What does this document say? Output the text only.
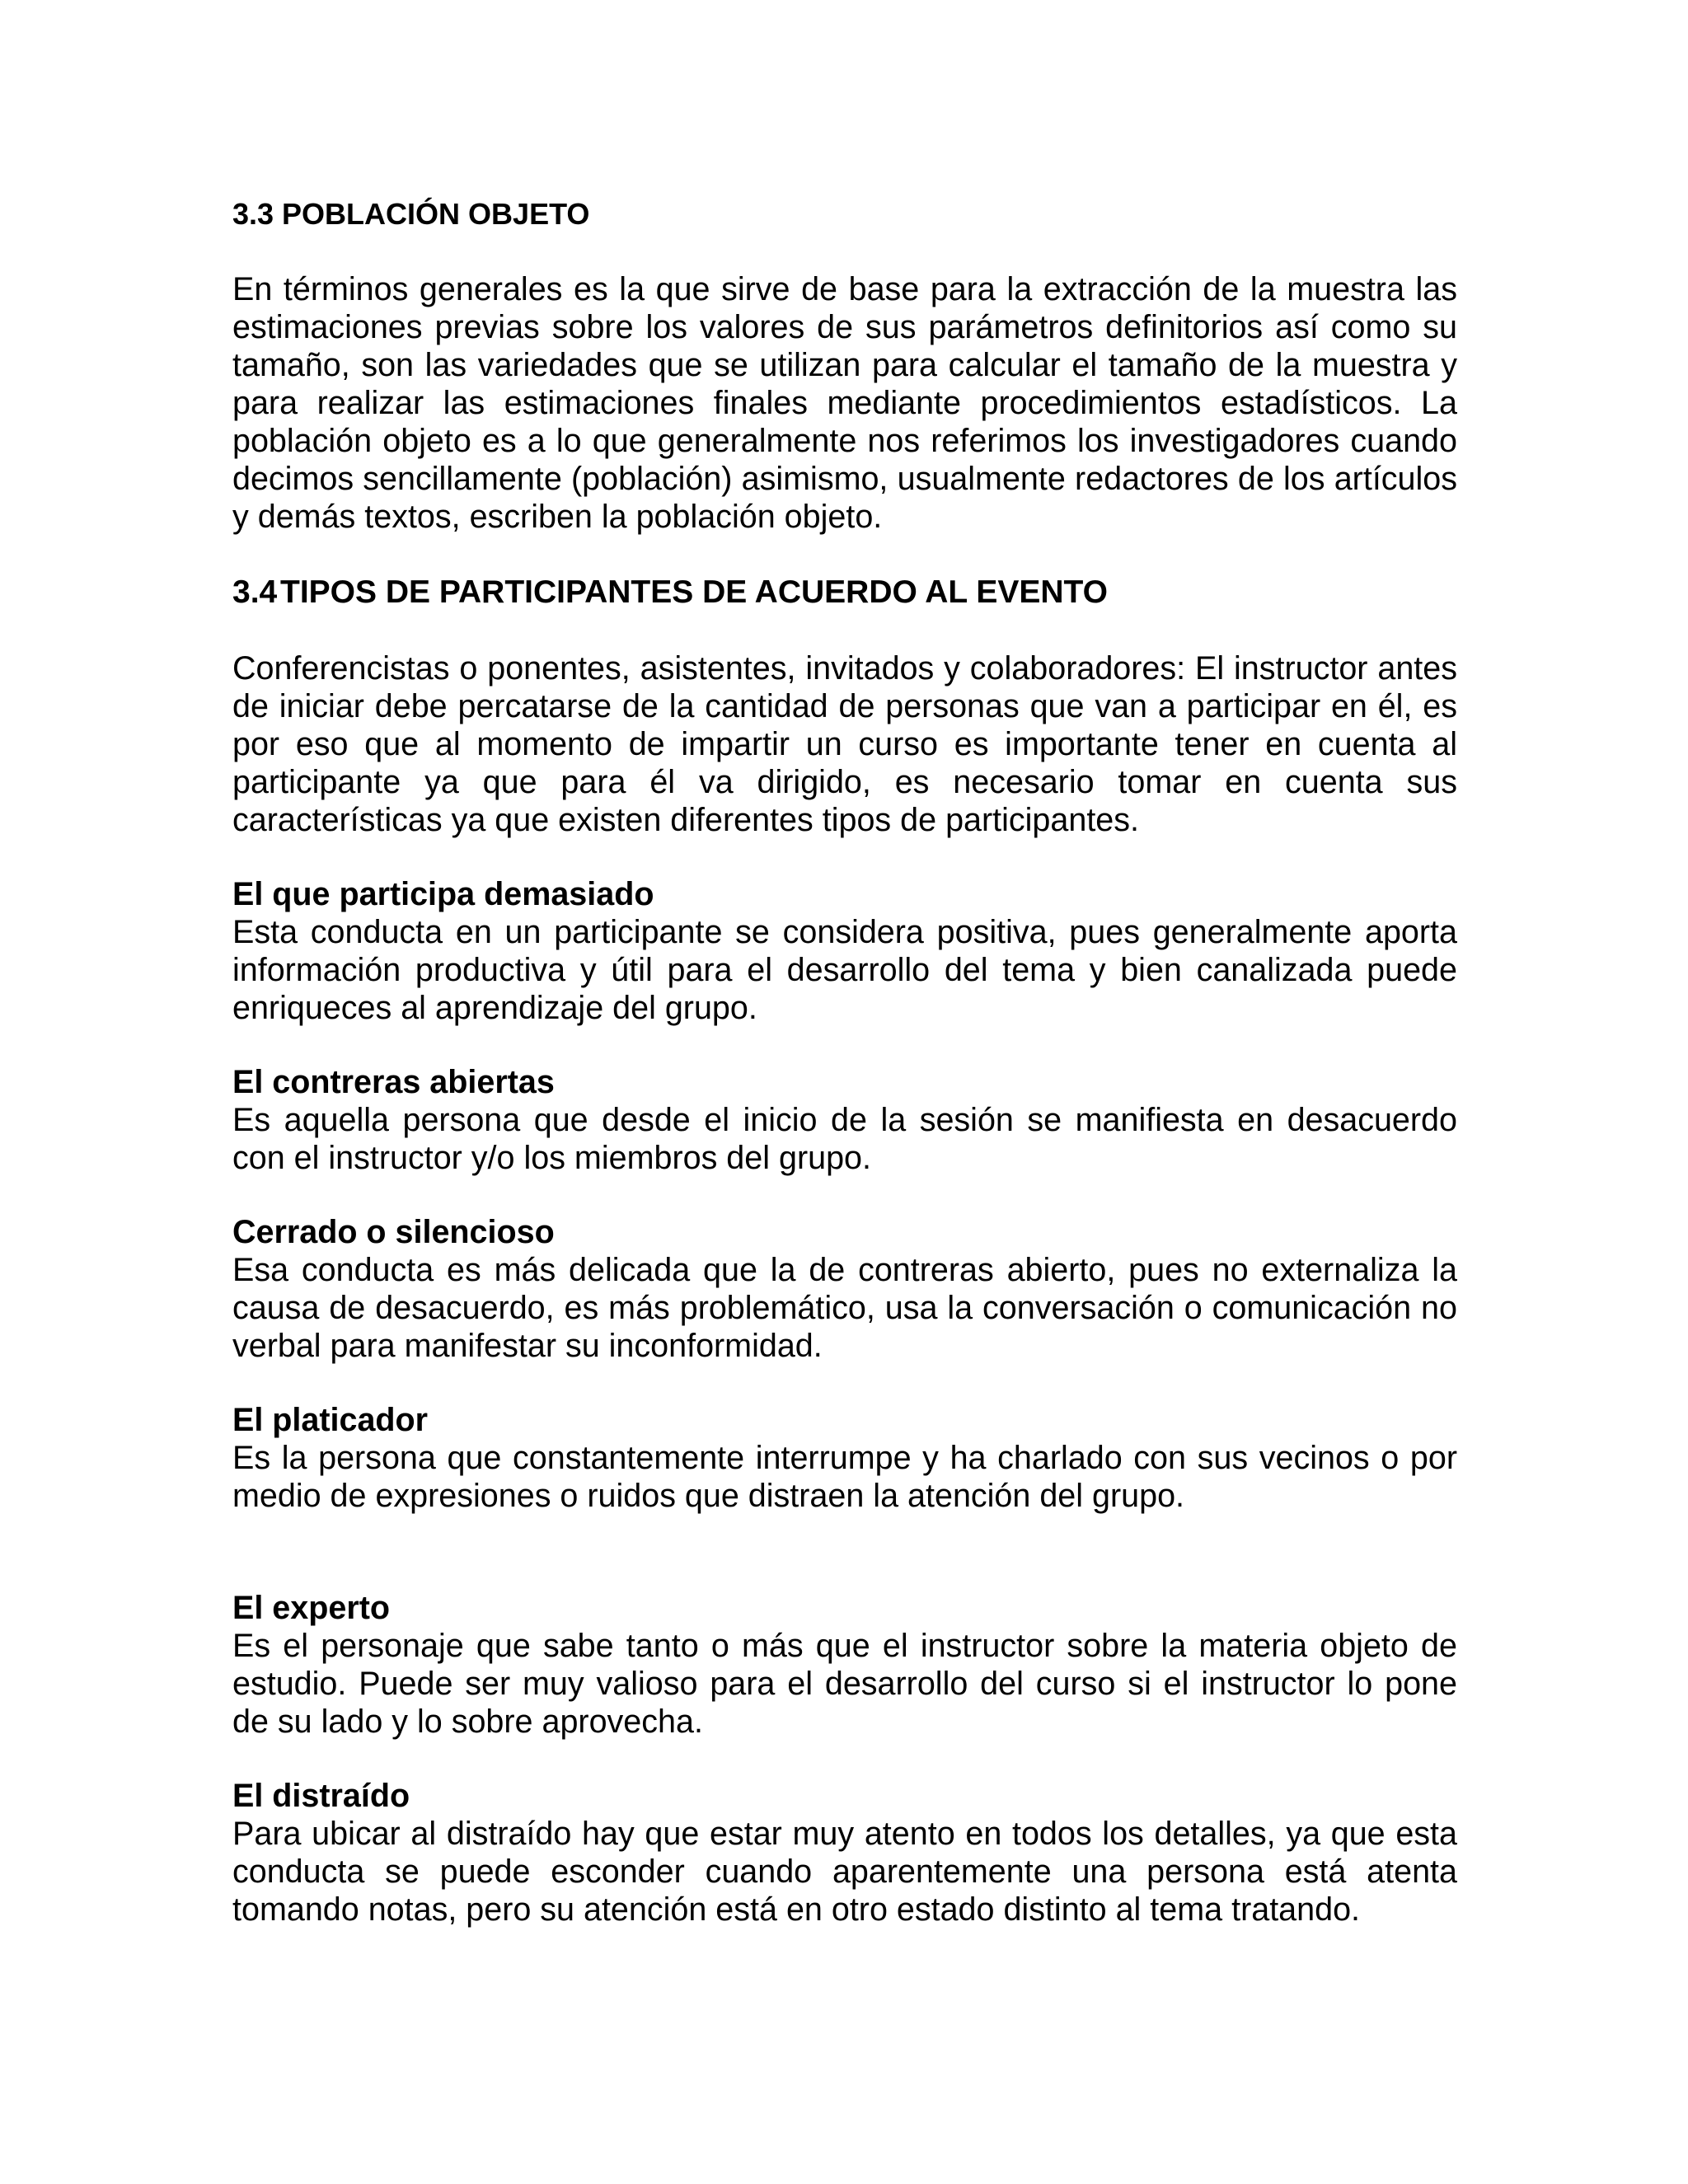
3.3 POBLACIÓN OBJETO

En términos generales es la que sirve de base para la extracción de la muestra las estimaciones previas sobre los valores de sus parámetros definitorios así como su tamaño, son las variedades que se utilizan para calcular el tamaño de la muestra y para realizar las estimaciones finales mediante procedimientos estadísticos. La población objeto es a lo que generalmente nos referimos los investigadores cuando decimos sencillamente (población) asimismo, usualmente redactores de los artículos y demás textos, escriben la población objeto.

3.4TIPOS DE PARTICIPANTES DE ACUERDO AL EVENTO

Conferencistas o ponentes, asistentes, invitados y colaboradores: El instructor antes de iniciar debe percatarse de la cantidad de personas que van a participar en él, es por eso que al momento de impartir un curso es importante tener en cuenta al participante ya que para él va dirigido, es necesario tomar en cuenta sus características ya que existen diferentes tipos de participantes.

El que participa demasiado

Esta conducta en un participante se considera positiva, pues generalmente aporta información productiva y útil para el desarrollo del tema y bien canalizada puede enriqueces al aprendizaje del grupo.

El contreras abiertas

Es aquella persona que desde el inicio de la sesión se manifiesta en desacuerdo con el instructor y/o los miembros del grupo.

Cerrado o silencioso

Esa conducta es más delicada que la de contreras abierto, pues no externaliza la causa de desacuerdo, es más problemático, usa la conversación o comunicación no verbal para manifestar su inconformidad.

El platicador

Es la persona que constantemente interrumpe y ha charlado con sus vecinos o por medio de expresiones o ruidos que distraen la atención del grupo.

El experto

Es el personaje que sabe tanto o más que el instructor sobre la materia objeto de estudio. Puede ser muy valioso para el desarrollo del curso si el instructor lo pone de su lado y lo sobre aprovecha.

El distraído

Para ubicar al distraído hay que estar muy atento en todos los detalles, ya que esta conducta se puede esconder cuando aparentemente una persona está atenta tomando notas, pero su atención está en otro estado distinto al tema tratando.
